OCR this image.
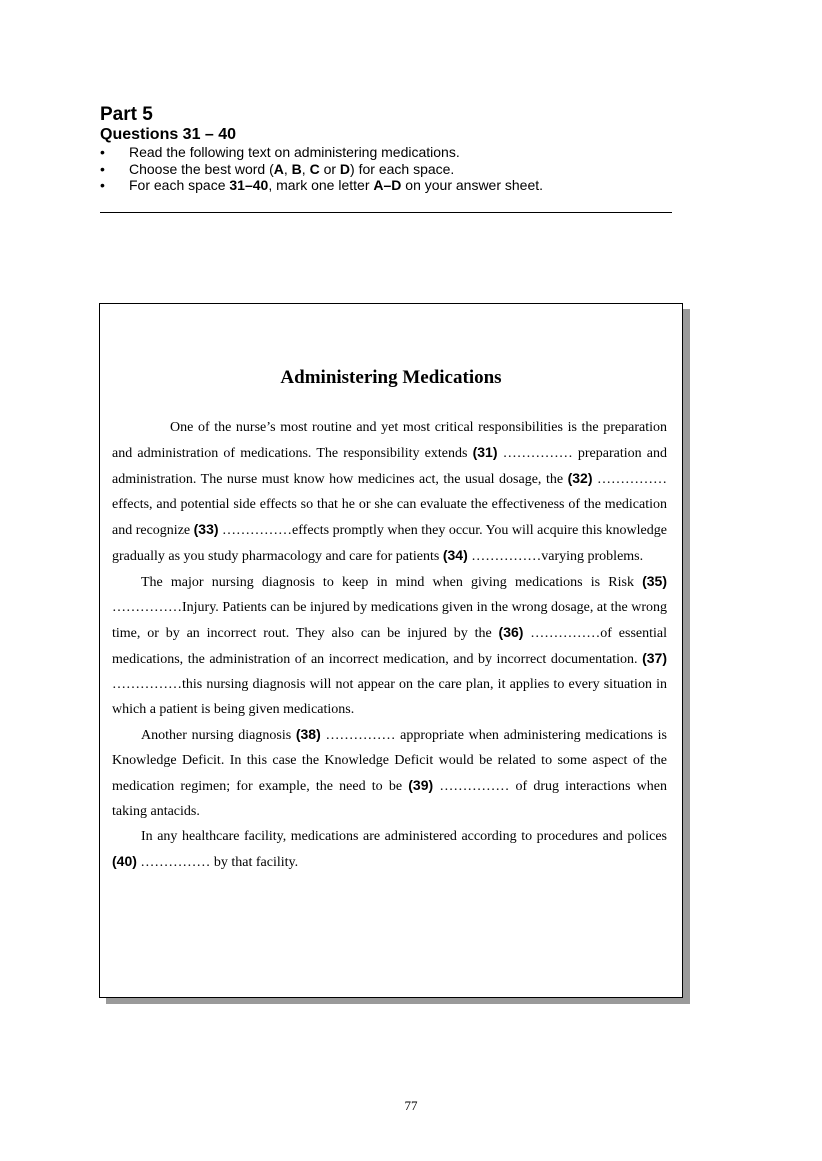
Part 5
Questions 31 – 40
• Read the following text on administering medications.
• Choose the best word (A, B, C or D) for each space.
• For each space 31–40, mark one letter A–D on your answer sheet.
Administering Medications

One of the nurse’s most routine and yet most critical responsibilities is the preparation and administration of medications. The responsibility extends (31) …………… preparation and administration. The nurse must know how medicines act, the usual dosage, the (32) ……………effects, and potential side effects so that he or she can evaluate the effectiveness of the medication and recognize (33) ……………effects promptly when they occur. You will acquire this knowledge gradually as you study pharmacology and care for patients (34) ……………varying problems.

The major nursing diagnosis to keep in mind when giving medications is Risk (35) ……………Injury. Patients can be injured by medications given in the wrong dosage, at the wrong time, or by an incorrect rout. They also can be injured by the (36) ……………of essential medications, the administration of an incorrect medication, and by incorrect documentation. (37) ……………this nursing diagnosis will not appear on the care plan, it applies to every situation in which a patient is being given medications.

Another nursing diagnosis (38) …………… appropriate when administering medications is Knowledge Deficit. In this case the Knowledge Deficit would be related to some aspect of the medication regimen; for example, the need to be (39) …………… of drug interactions when taking antacids.

In any healthcare facility, medications are administered according to procedures and polices (40) …………… by that facility.

77
